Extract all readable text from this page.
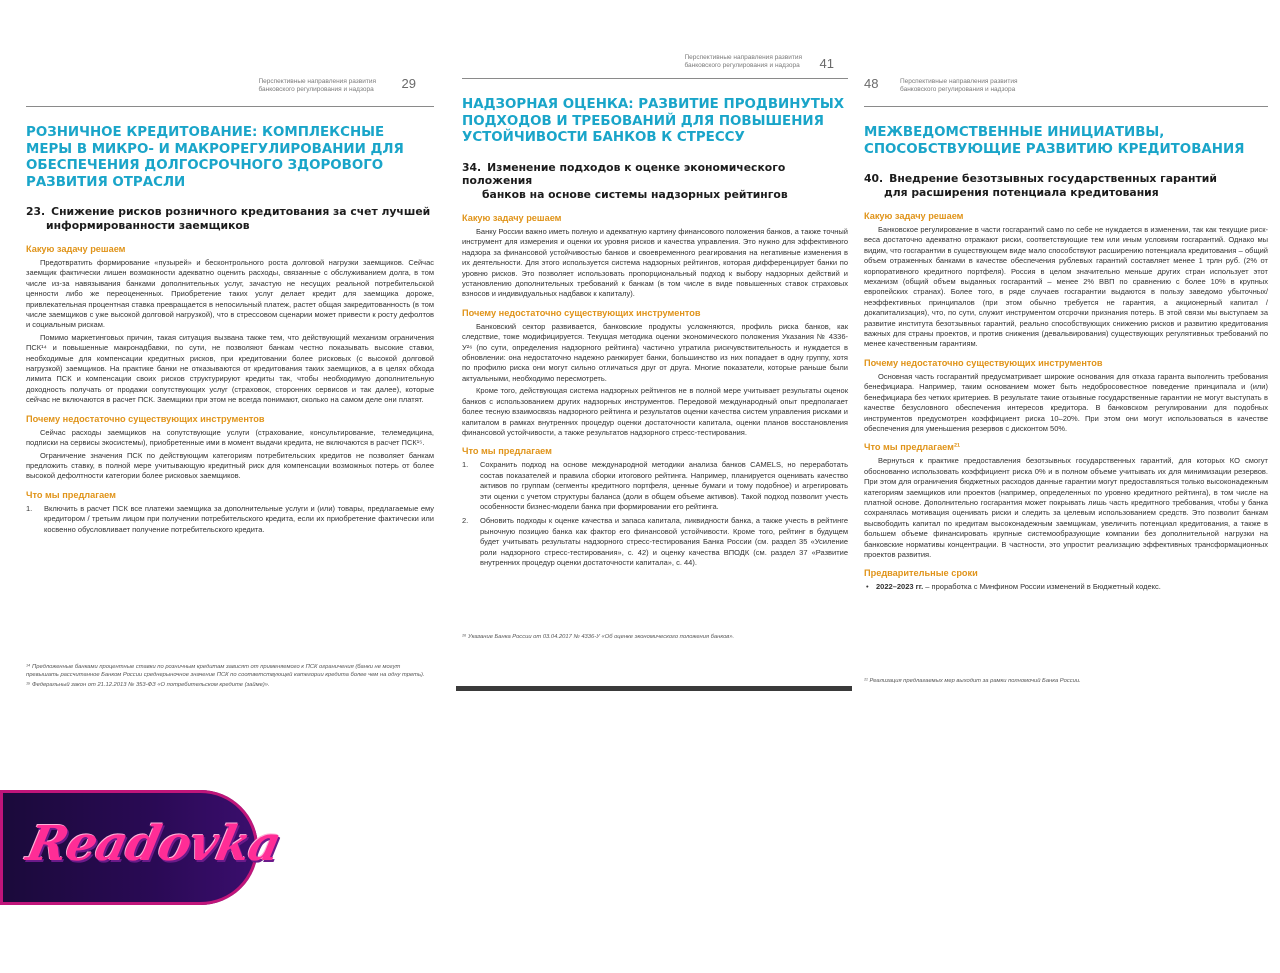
Перспективные направления развития
банковского регулирования и надзора 29
РОЗНИЧНОЕ КРЕДИТОВАНИЕ: КОМПЛЕКСНЫЕ МЕРЫ В МИКРО- И МАКРОРЕГУЛИРОВАНИИ ДЛЯ ОБЕСПЕЧЕНИЯ ДОЛГОСРОЧНОГО ЗДОРОВОГО РАЗВИТИЯ ОТРАСЛИ
23. Снижение рисков розничного кредитования за счет лучшей
информированности заемщиков
Какую задачу решаем

Предотвратить формирование «пузырей» и бесконтрольного роста долговой нагрузки заемщиков. Сейчас заемщик фактически лишен возможности адекватно оценить расходы, связанные с обслуживанием долга, в том числе из-за навязывания банками дополнительных услуг, зачастую не несущих реальной потребительской ценности либо же переоцененных. Приобретение таких услуг делает кредит для заемщика дороже, привлекательная процентная ставка превращается в непосильный платеж, растет общая закредитованность (в том числе заемщиков с уже высокой долговой нагрузкой), что в стрессовом сценарии может привести к росту дефолтов и социальным рискам.

Помимо маркетинговых причин, такая ситуация вызвана также тем, что действующий механизм ограничения ПСК¹⁴ и повышенные макронадбавки, по сути, не позволяют банкам честно показывать высокие ставки, необходимые для компенсации кредитных рисков, при кредитовании более рисковых (с высокой долговой нагрузкой) заемщиков. На практике банки не отказываются от кредитования таких заемщиков, а в целях обхода лимита ПСК и компенсации своих рисков структурируют кредиты так, чтобы необходимую дополнительную доходность получать от продажи сопутствующих услуг (страховок, сторонних сервисов и так далее), которые сейчас не включаются в расчет ПСК. Заемщики при этом не всегда понимают, сколько на самом деле они платят.

Почему недостаточно существующих инструментов

Сейчас расходы заемщиков на сопутствующие услуги (страхование, консультирование, телемедицина, подписки на сервисы экосистемы), приобретенные ими в момент выдачи кредита, не включаются в расчет ПСК¹⁵.

Ограничение значения ПСК по действующим категориям потребительских кредитов не позволяет банкам предложить ставку, в полной мере учитывающую кредитный риск для компенсации возможных потерь от более высокой дефолтности категории более рисковых заемщиков.

Что мы предлагаем
1. Включить в расчет ПСК все платежи заемщика за дополнительные услуги и (или) товары, предлагаемые ему кредитором / третьим лицом при получении потребительского кредита, если их приобретение фактически или косвенно обусловливает получение потребительского кредита.
¹⁴ Предложенные банками процентные ставки по розничным кредитам зависят от применяемого к ПСК ограничения (банки не могут превышать рассчитанное Банком России среднерыночное значение ПСК по соответствующей категории кредита более чем на одну треть).
¹⁵ Федеральный закон от 21.12.2013 № 353-ФЗ «О потребительском кредите (займе)».
Перспективные направления развития
банковского регулирования и надзора 41
НАДЗОРНАЯ ОЦЕНКА: РАЗВИТИЕ ПРОДВИНУТЫХ ПОДХОДОВ И ТРЕБОВАНИЙ ДЛЯ ПОВЫШЕНИЯ УСТОЙЧИВОСТИ БАНКОВ К СТРЕССУ
34. Изменение подходов к оценке экономического положения
банков на основе системы надзорных рейтингов
Какую задачу решаем

Банку России важно иметь полную и адекватную картину финансового положения банков, а также точный инструмент для измерения и оценки их уровня рисков и качества управления. Это нужно для эффективного надзора за финансовой устойчивостью банков и своевременного реагирования на негативные изменения в их деятельности. Для этого используется система надзорных рейтингов, которая дифференцирует банки по уровню рисков. Это позволяет использовать пропорциональный подход к выбору надзорных действий и установлению дополнительных требований к банкам (в том числе в виде повышенных ставок страховых взносов и индивидуальных надбавок к капиталу).

Почему недостаточно существующих инструментов

Банковский сектор развивается, банковские продукты усложняются, профиль риска банков, как следствие, тоже модифицируется. Текущая методика оценки экономического положения Указания № 4336-У²⁶ (по сути, определения надзорного рейтинга) частично утратила рискчувствительность и нуждается в обновлении: она недостаточно надежно ранжирует банки, большинство из них попадает в одну группу, хотя по профилю риска они могут сильно отличаться друг от друга. Многие показатели, которые раньше были актуальными, необходимо пересмотреть.

Кроме того, действующая система надзорных рейтингов не в полной мере учитывает результаты оценок банков с использованием других надзорных инструментов. Передовой международный опыт предполагает более тесную взаимосвязь надзорного рейтинга и результатов оценки качества систем управления рисками и капиталом в рамках внутренних процедур оценки достаточности капитала, оценки планов восстановления финансовой устойчивости, а также результатов надзорного стресс-тестирования.

Что мы предлагаем
1. Сохранить подход на основе международной методики анализа банков CAMELS, но переработать состав показателей и правила сборки итогового рейтинга. Например, планируется оценивать качество активов по группам (сегменты кредитного портфеля, ценные бумаги и тому подобное) и агрегировать эти оценки с учетом структуры баланса (доли в общем объеме активов). Такой подход позволит учесть особенности бизнес-модели банка при формировании его рейтинга.
2. Обновить подходы к оценке качества и запаса капитала, ликвидности банка, а также учесть в рейтинге рыночную позицию банка как фактор его финансовой устойчивости. Кроме того, рейтинг в будущем будет учитывать результаты надзорного стресс-тестирования Банка России (см. раздел 35 «Усиление роли надзорного стресс-тестирования», с. 42) и оценку качества ВПОДК (см. раздел 37 «Развитие внутренних процедур оценки достаточности капитала», с. 44).
²⁶ Указание Банка России от 03.04.2017 № 4336-У «Об оценке экономического положения банков».
48	Перспективные направления развития
банковского регулирования и надзора
МЕЖВЕДОМСТВЕННЫЕ ИНИЦИАТИВЫ, СПОСОБСТВУЮЩИЕ РАЗВИТИЮ КРЕДИТОВАНИЯ
40. Внедрение безотзывных государственных гарантий
для расширения потенциала кредитования
Какую задачу решаем

Банковское регулирование в части госгарантий само по себе не нуждается в изменении, так как текущие риск-веса достаточно адекватно отражают риски, соответствующие тем или иным условиям госгарантий. Однако мы видим, что госгарантии в существующем виде мало способствуют расширению потенциала кредитования – общий объем отраженных банками в качестве обеспечения рублевых гарантий составляет менее 1 трлн руб. (2% от корпоративного кредитного портфеля). Россия в целом значительно меньше других стран использует этот механизм (общий объем выданных госгарантий – менее 2% ВВП по сравнению с более 10% в крупных европейских странах). Более того, в ряде случаев госгарантии выдаются в пользу заведомо убыточных/неэффективных принципалов (при этом обычно требуется не гарантия, а акционерный капитал / докапитализация), что, по сути, служит инструментом отсрочки признания потерь. В этой связи мы выступаем за развитие института безотзывных гарантий, реально способствующих снижению рисков и развитию кредитования важных для страны проектов, и против снижения (девальвирования) существующих регулятивных требований по менее качественным гарантиям.

Почему недостаточно существующих инструментов

Основная часть госгарантий предусматривает широкие основания для отказа гаранта выполнить требования бенефициара. Например, таким основанием может быть недобросовестное поведение принципала и (или) бенефициара без четких критериев. В результате такие отзывные государственные гарантии не могут выступать в качестве безусловного обеспечения интересов кредитора. В банковском регулировании для подобных инструментов предусмотрен коэффициент риска 10–20%. При этом они могут использоваться в качестве обеспечения для уменьшения резервов с дисконтом 50%.

Что мы предлагаем²¹

Вернуться к практике предоставления безотзывных государственных гарантий, для которых КО смогут обоснованно использовать коэффициент риска 0% и в полном объеме учитывать их для минимизации резервов. При этом для ограничения бюджетных расходов данные гарантии могут предоставляться только высоконадежным категориям заемщиков или проектов (например, определенных по уровню кредитного рейтинга), в том числе на платной основе. Дополнительно госгарантия может покрывать лишь часть кредитного требования, чтобы у банка сохранялась мотивация оценивать риски и следить за целевым использованием средств. Это позволит банкам высвободить капитал по кредитам высоконадежным заемщикам, увеличить потенциал кредитования, а также в большем объеме финансировать крупные системообразующие компании без дополнительной нагрузки на банковские нормативы концентрации. В частности, это упростит реализацию эффективных трансформационных проектов развития.

Предварительные сроки
• 2022–2023 гг. – проработка с Минфином России изменений в Бюджетный кодекс.
²¹ Реализация предлагаемых мер выходит за рамки полномочий Банка России.
Readovka
